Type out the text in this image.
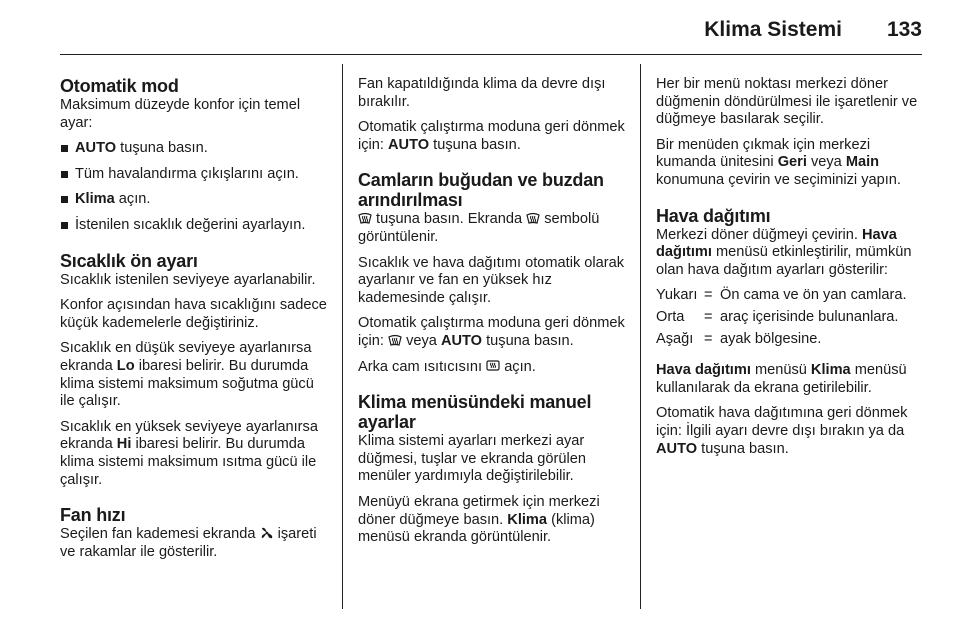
Klima Sistemi 133
Otomatik mod

Maksimum düzeyde konfor için temel ayar:

AUTO tuşuna basın.
Tüm havalandırma çıkışlarını açın.
Klima açın.
İstenilen sıcaklık değerini ayarlayın.
Sıcaklık ön ayarı

Sıcaklık istenilen seviyeye ayarlanabilir.

Konfor açısından hava sıcaklığını sadece küçük kademelerle değiştiriniz.

Sıcaklık en düşük seviyeye ayarlanırsa ekranda Lo ibaresi belirir. Bu durumda klima sistemi maksimum soğutma gücü ile çalışır.

Sıcaklık en yüksek seviyeye ayarlanırsa ekranda Hi ibaresi belirir. Bu durumda klima sistemi maksimum ısıtma gücü ile çalışır.

Fan hızı

Seçilen fan kademesi ekranda
işareti ve rakamlar ile gösterilir.

Fan kapatıldığında klima da devre dışı bırakılır.

Otomatik çalıştırma moduna geri dönmek için: AUTO tuşuna basın.

Camların buğudan ve buzdan arındırılması

tuşuna basın. Ekranda
sembolü görüntülenir.

Sıcaklık ve hava dağıtımı otomatik olarak ayarlanır ve fan en yüksek hız kademesinde çalışır.

Otomatik çalıştırma moduna geri dönmek için:
veya AUTO tuşuna basın.

Arka cam ısıtıcısını
açın.

Klima menüsündeki manuel ayarlar

Klima sistemi ayarları merkezi ayar düğmesi, tuşlar ve ekranda görülen menüler yardımıyla değiştirilebilir.

Menüyü ekrana getirmek için merkezi döner düğmeye basın. Klima (klima) menüsü ekranda görüntülenir.

Her bir menü noktası merkezi döner düğmenin döndürülmesi ile işaretlenir ve düğmeye basılarak seçilir.

Bir menüden çıkmak için merkezi kumanda ünitesini Geri veya Main konumuna çevirin ve seçiminizi yapın.

Hava dağıtımı

Merkezi döner düğmeyi çevirin. Hava dağıtımı menüsü etkinleştirilir, mümkün olan hava dağıtım ayarları gösterilir:

Yukarı	=	Ön cama ve ön yan camlara.
Orta	=	araç içerisinde bulunanlara.
Aşağı	=	ayak bölgesine.

Hava dağıtımı menüsü Klima menüsü kullanılarak da ekrana getirilebilir.

Otomatik hava dağıtımına geri dönmek için: İlgili ayarı devre dışı bırakın ya da AUTO tuşuna basın.
